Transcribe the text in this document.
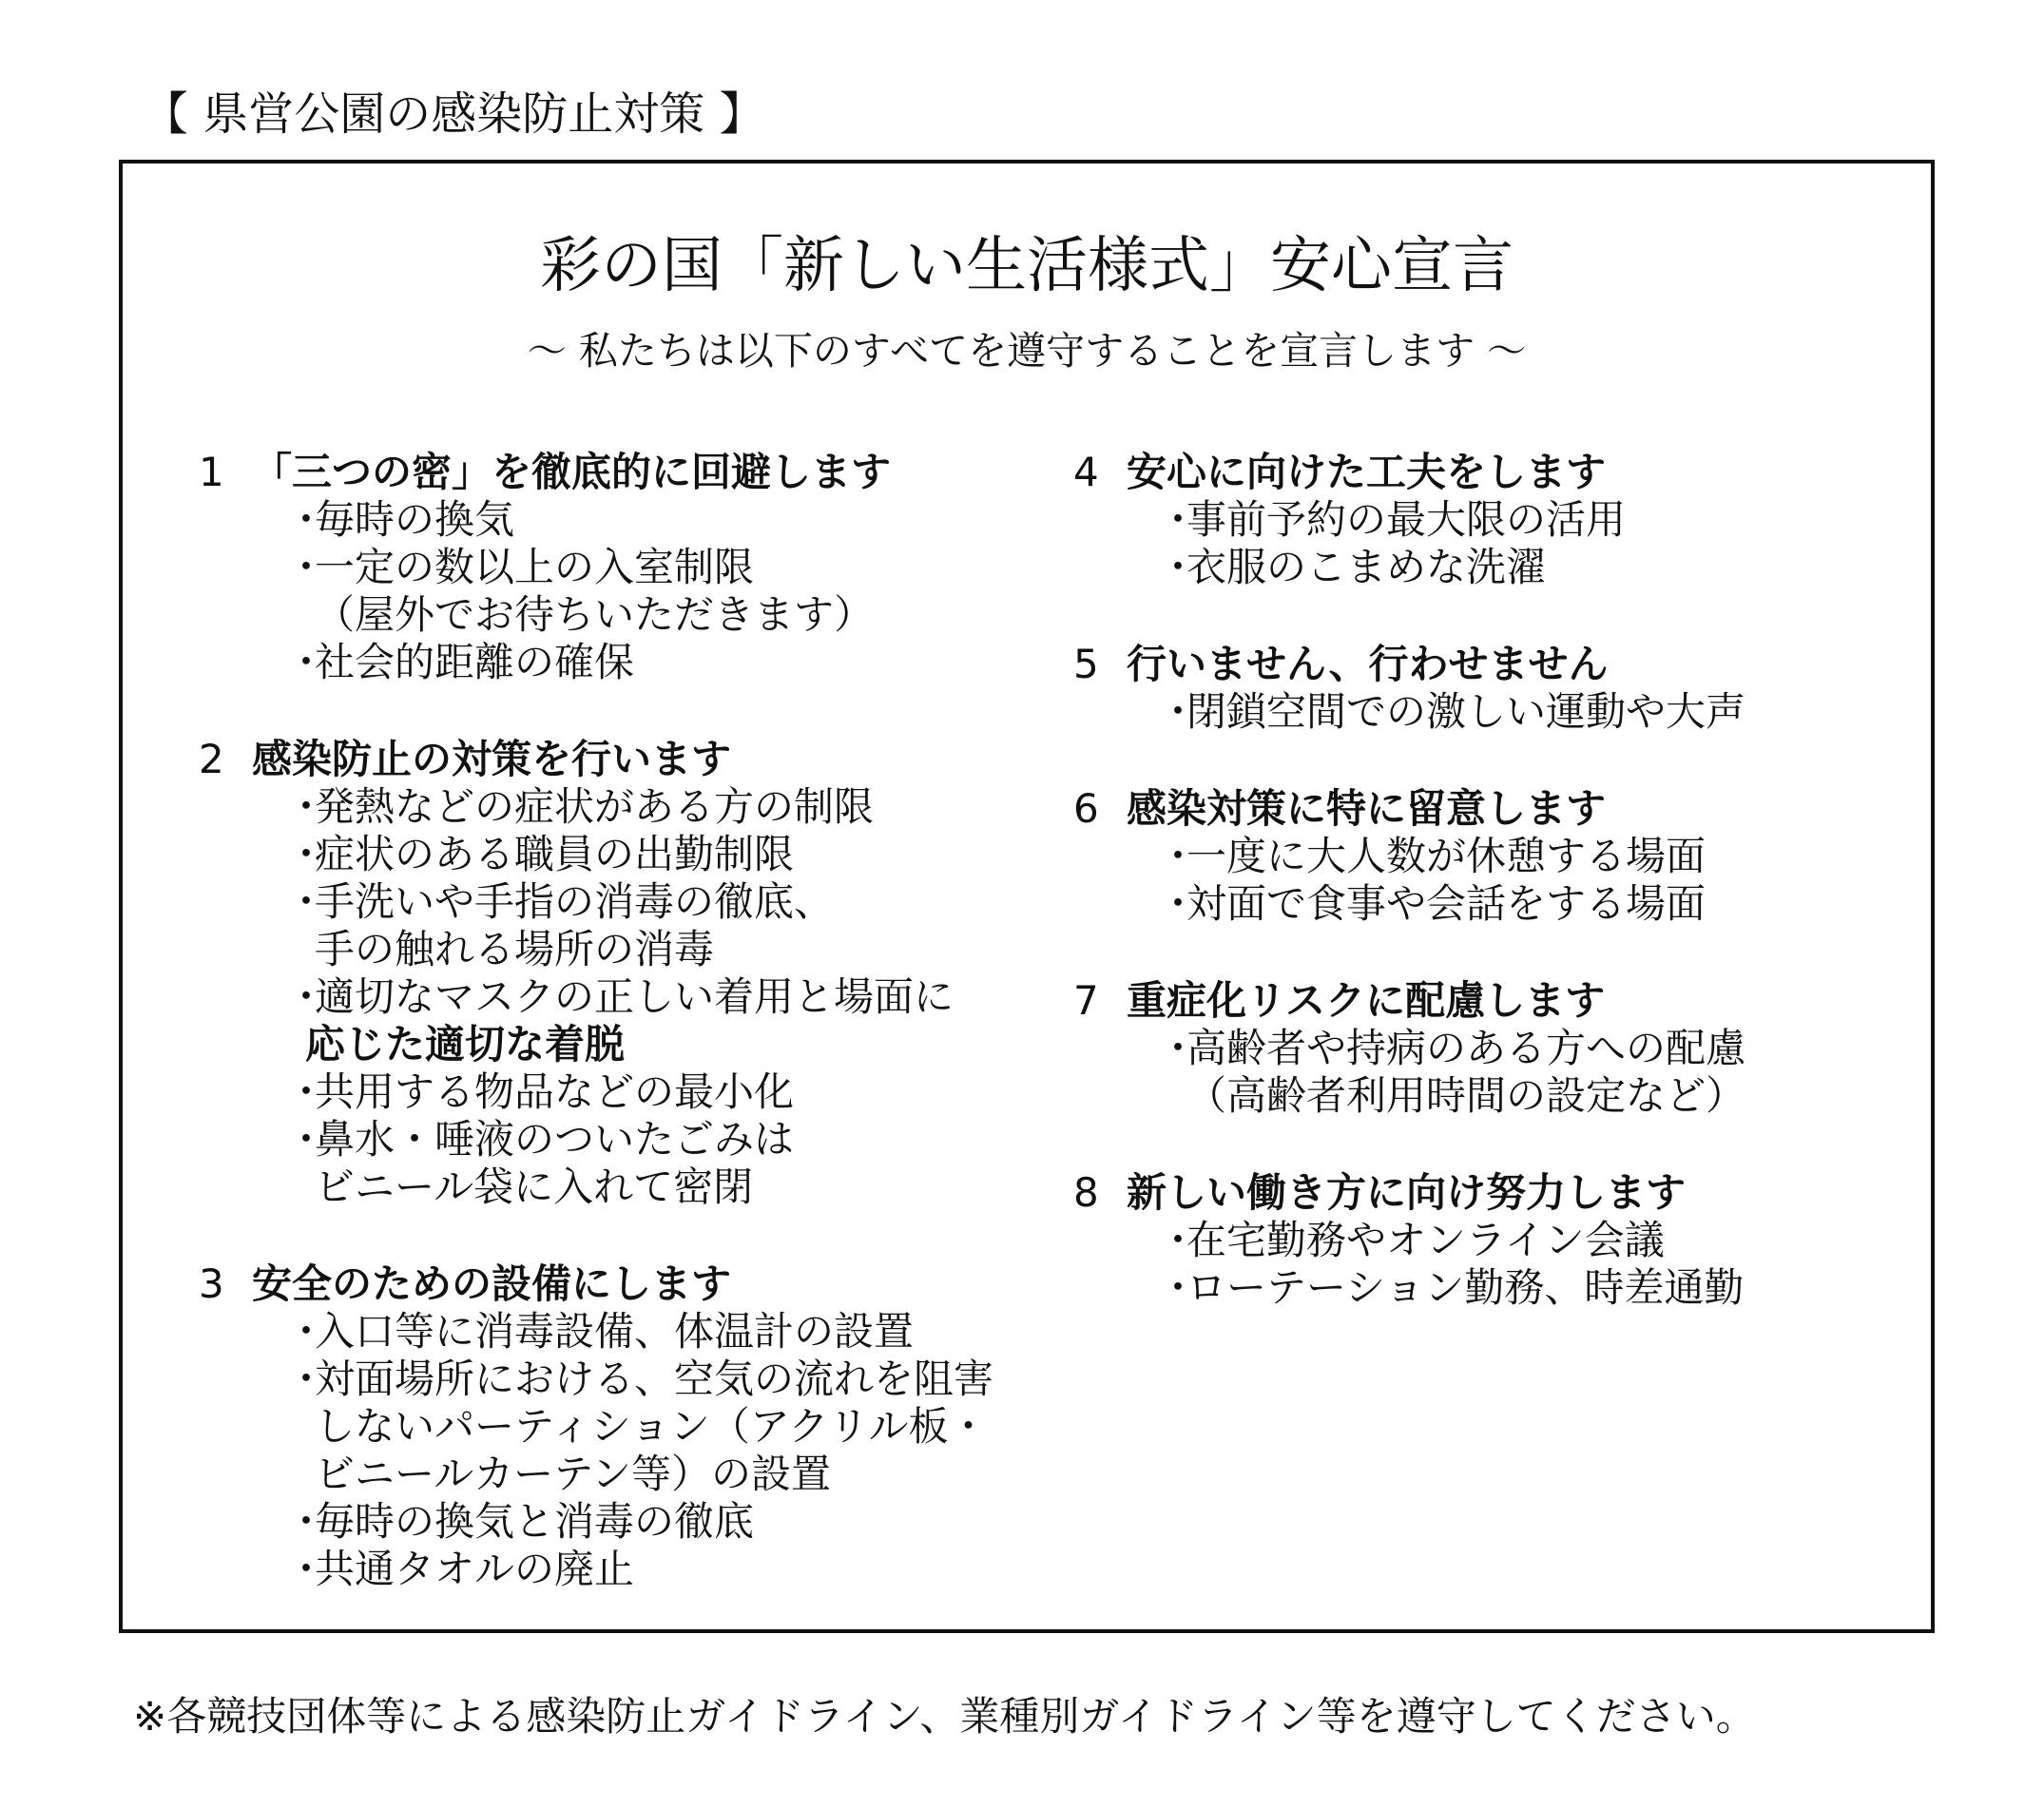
【 県営公園の感染防止対策 】
彩の国「新しい生活様式」安心宣言
～ 私たちは以下のすべてを遵守することを宣言します ～
1 「三つの密」を徹底的に回避します
・
毎時の換気
・
一定の数以上の入室制限
（屋外でお待ちいただきます）
・
社会的距離の確保
2 感染防止の対策を行います
・
発熱などの症状がある方の制限
・
症状のある職員の出勤制限
・
手洗いや手指の消毒の徹底、
手の触れる場所の消毒
・
適切なマスクの正しい着用と場面に
応じた適切な着脱
・
共用する物品などの最小化
・
鼻水・唾液のついたごみは
ビニール袋に入れて密閉
3 安全のための設備にします
・
入口等に消毒設備、体温計の設置
・
対面場所における、空気の流れを阻害
しないパーティション（アクリル板・
ビニールカーテン等）の設置
・
毎時の換気と消毒の徹底
・
共通タオルの廃止
4 安心に向けた工夫をします
・
事前予約の最大限の活用
・
衣服のこまめな洗濯
5 行いません、行わせません
・
閉鎖空間での激しい運動や大声
6 感染対策に特に留意します
・
一度に大人数が休憩する場面
・
対面で食事や会話をする場面
7 重症化リスクに配慮します
・
高齢者や持病のある方への配慮
（高齢者利用時間の設定など）
8 新しい働き方に向け努力します
・
在宅勤務やオンライン会議
・
ローテーション勤務、時差通勤
※各競技団体等による感染防止ガイドライン、業種別ガイドライン等を遵守してください。
